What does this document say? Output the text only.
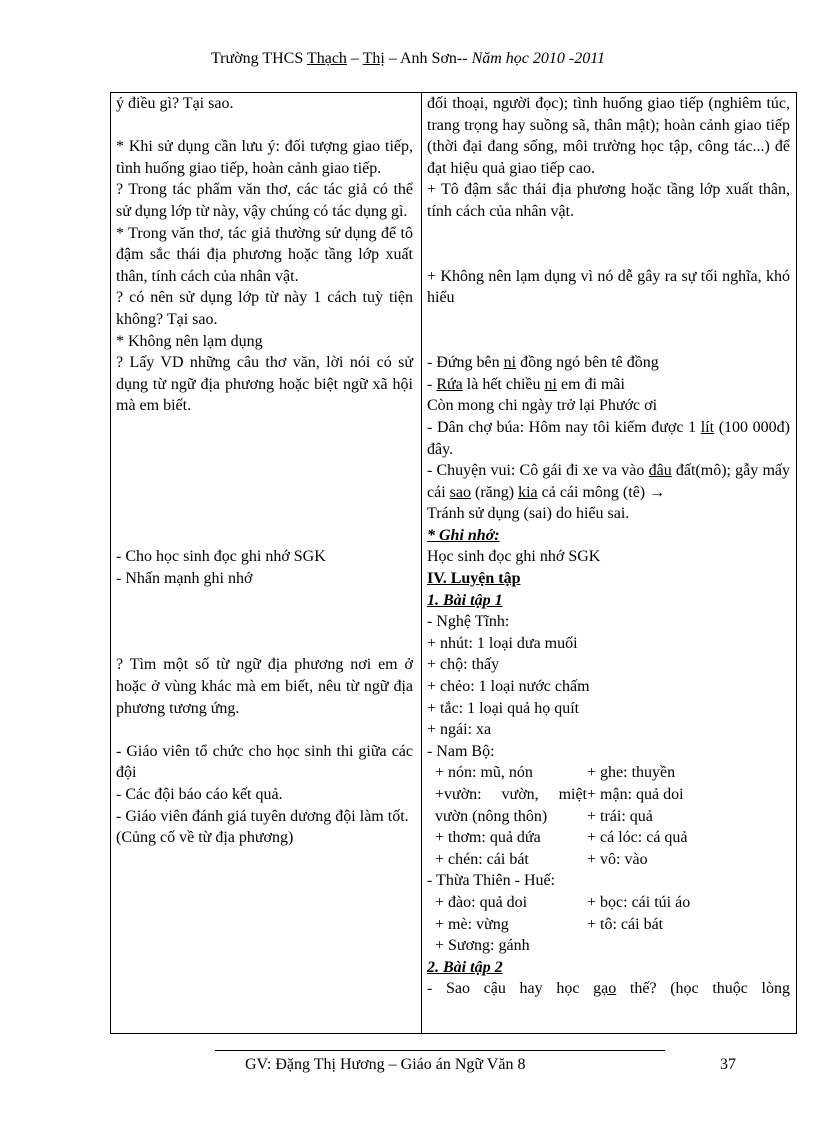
Trường THCS Thạch – Thị – Anh Sơn-- Năm học 2010 -2011
ý điều gì? Tại sao.
* Khi sử dụng cần lưu ý: đối tượng giao tiếp, tình huống giao tiếp, hoàn cảnh giao tiếp.
? Trong tác phẩm văn thơ, các tác giả có thể sử dụng lớp từ này, vậy chúng có tác dụng gì.
* Trong văn thơ, tác giả thường sử dụng để tô đậm sắc thái địa phương hoặc tầng lớp xuất thân, tính cách của nhân vật.
? có nên sử dụng lớp từ này 1 cách tuỳ tiện không? Tại sao.
* Không nên lạm dụng
? Lấy VD những câu thơ văn, lời nói có sử dụng từ ngữ địa phương hoặc biệt ngữ xã hội mà em biết.
- Cho học sinh đọc ghi nhớ SGK
- Nhấn mạnh ghi nhớ
? Tìm một số từ ngữ địa phương nơi em ở hoặc ở vùng khác mà em biết, nêu từ ngữ địa phương tương ứng.
- Giáo viên tổ chức cho học sinh thi giữa các đội
- Các đội báo cáo kết quả.
- Giáo viên đánh giá tuyên dương đội làm tốt.
(Củng cố về từ địa phương)
đối thoại, người đọc); tình huống giao tiếp (nghiêm túc, trang trọng hay suồng sã, thân mật); hoàn cảnh giao tiếp (thời đại đang sống, môi trường học tập, công tác...) để đạt hiệu quả giao tiếp cao.
+ Tô đậm sắc thái địa phương hoặc tầng lớp xuất thân, tính cách của nhân vật.
+ Không nên lạm dụng vì nó dễ gây ra sự tối nghĩa, khó hiểu
- Đứng bên ni đồng ngó bên tê đồng
- Rứa là hết chiều ni em đi mãi
Còn mong chi ngày trở lại Phước ơi
- Dân chợ búa: Hôm nay tôi kiếm được 1 lít (100 000đ) đây.
- Chuyện vui: Cô gái đi xe va vào đâu đất(mô); gẫy mấy cái sao (răng) kia cả cái mông (tê) →
Tránh sử dụng (sai) do hiểu sai.
* Ghi nhớ:
Học sinh đọc ghi nhớ SGK
IV. Luyện tập
1. Bài tập 1
- Nghệ Tĩnh:
+ nhút: 1 loại dưa muối
+ chộ: thấy
+ chẻo: 1 loại nước chấm
+ tắc: 1 loại quả họ quít
+ ngái: xa
- Nam Bộ:
+ nón: mũ, nón
+vườn: vườn, miệt vườn (nông thôn)
+ thơm: quả dứa
+ chén: cái bát
+ ghe: thuyền
+ mận: quả doi
+ trái: quả
+ cá lóc: cá quả
+ vô: vào
- Thừa Thiên - Huế:
+ đào: quả doi
+ mè: vừng
+ Sương: gánh
+ bọc: cái túi áo
+ tô: cái bát
2. Bài tập 2
- Sao cậu hay học gạo thế? (học thuộc lòng
GV: Đặng Thị Hương – Giáo án Ngữ Văn 8	37
